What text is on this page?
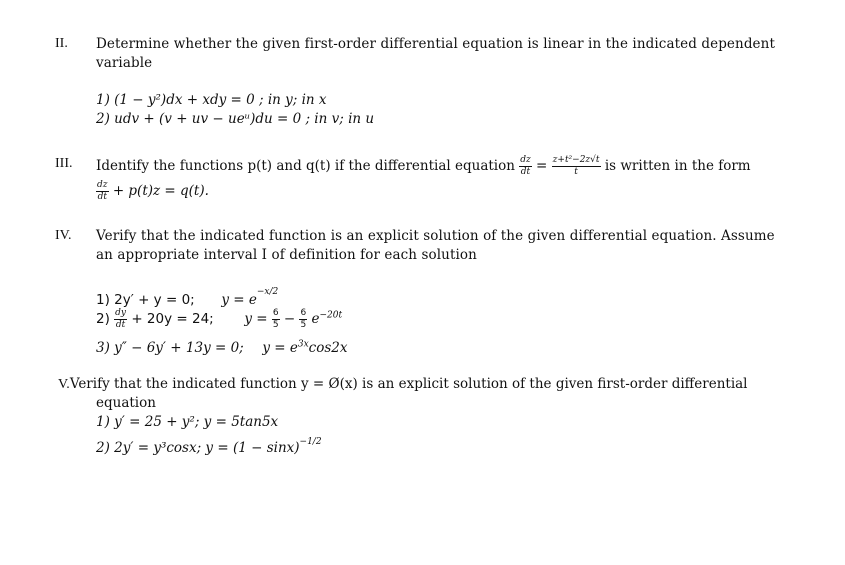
II. Determine whether the given first-order differential equation is linear in the indicated dependent variable
1) (1 − y²)dx + xdy = 0 ; in y; in x
2) udv + (v + uv − ueᵘ)du = 0 ; in v; in u
III. Identify the functions p(t) and q(t) if the differential equation $\frac{dz}{dt} = \frac{\text{z+t²−2z√t}}{t}$ is written in the form
$\frac{dz}{dt} + p(t)z = q(t)$.
IV. Verify that the indicated function is an explicit solution of the given differential equation. Assume an appropriate interval I of definition for each solution
1) 2y′ + y = 0; $y = e^{-x/2}$
$2) \frac{dy}{dt} + 20y = 24$; $y = \frac{6}{5} - \frac{6}{5} e^{-20t}$
3) y″ − 6y′ + 13y = 0; $y = e^{3x}\cos 2x$
V.Verify that the indicated function y = Ø(x) is an explicit solution of the given first-order differential
equation
1) y′ = 25 + y²; y = 5tan5x
2) 2y′ = y³cosx; $y = (1 - \sin x)^{-1/2}$
